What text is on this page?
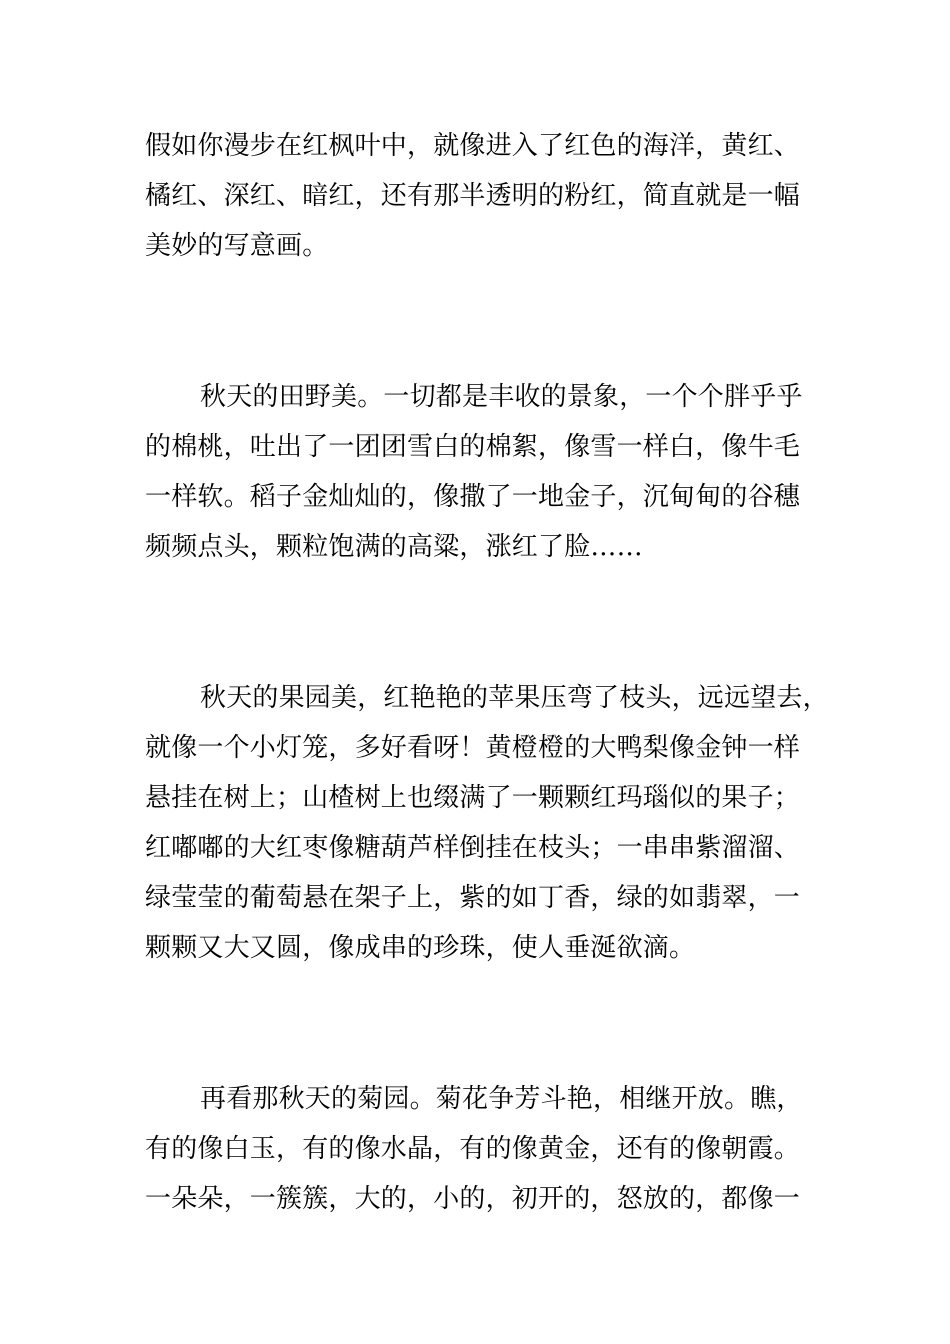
假如你漫步在红枫叶中，就像进入了红色的海洋，黄红、
橘红、深红、暗红，还有那半透明的粉红，简直就是一幅
美妙的写意画。
秋天的田野美。一切都是丰收的景象，一个个胖乎乎
的棉桃，吐出了一团团雪白的棉絮，像雪一样白，像牛毛
一样软。稻子金灿灿的，像撒了一地金子，沉甸甸的谷穗
频频点头，颗粒饱满的高粱，涨红了脸……
秋天的果园美，红艳艳的苹果压弯了枝头，远远望去，
就像一个小灯笼，多好看呀！黄橙橙的大鸭梨像金钟一样
悬挂在树上；山楂树上也缀满了一颗颗红玛瑙似的果子；
红嘟嘟的大红枣像糖葫芦样倒挂在枝头；一串串紫溜溜、
绿莹莹的葡萄悬在架子上，紫的如丁香，绿的如翡翠，一
颗颗又大又圆，像成串的珍珠，使人垂涎欲滴。
再看那秋天的菊园。菊花争芳斗艳，相继开放。瞧，
有的像白玉，有的像水晶，有的像黄金，还有的像朝霞。
一朵朵，一簇簇，大的，小的，初开的，怒放的，都像一
